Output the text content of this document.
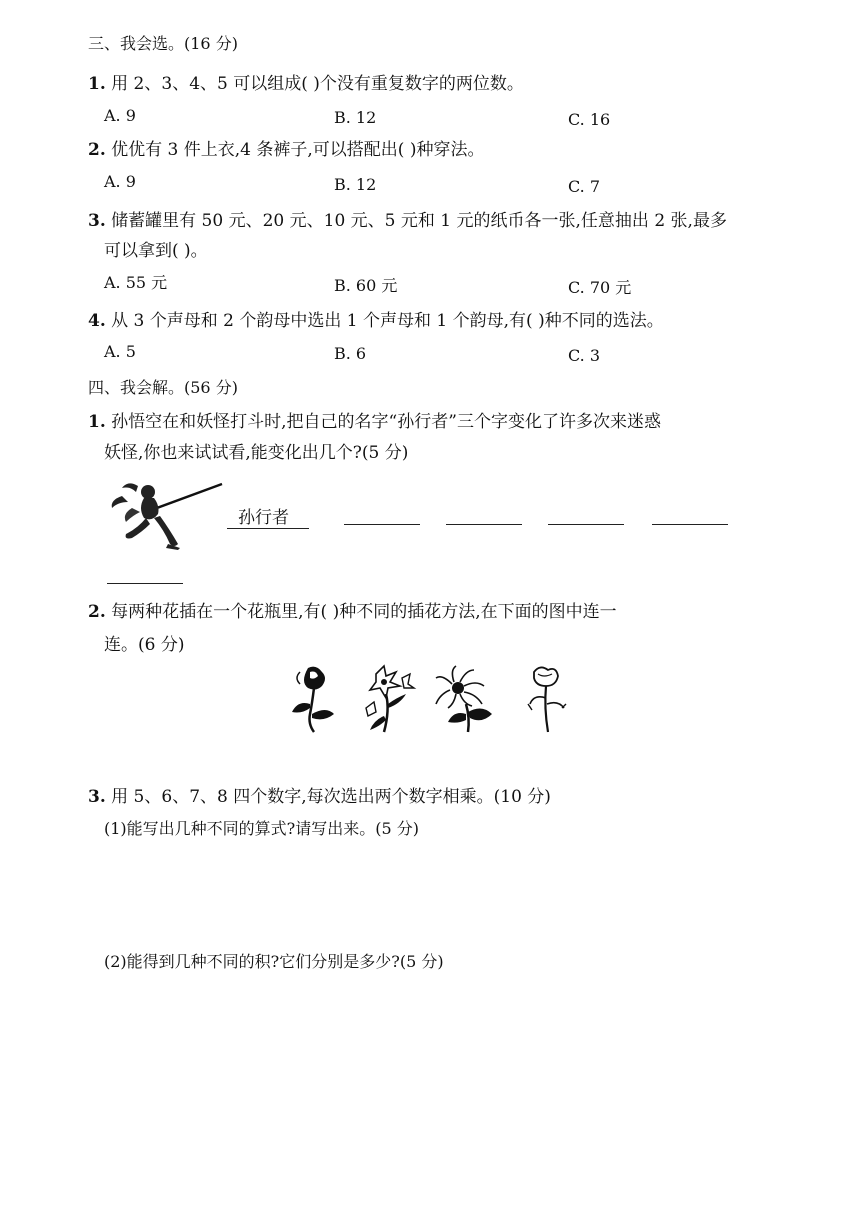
三、我会选。(16 分)
1. 用 2、3、4、5 可以组成( )个没有重复数字的两位数。
A. 9	B. 12	C. 16
2. 优优有 3 件上衣,4 条裤子,可以搭配出( )种穿法。
A. 9	B. 12	C. 7
3. 储蓄罐里有 50 元、20 元、10 元、5 元和 1 元的纸币各一张,任意抽出 2 张,最多
可以拿到( )。
A. 55 元	B. 60 元	C. 70 元
4. 从 3 个声母和 2 个韵母中选出 1 个声母和 1 个韵母,有( )种不同的选法。
A. 5	B. 6	C. 3
四、我会解。(56 分)
1. 孙悟空在和妖怪打斗时,把自己的名字“孙行者”三个字变化了许多次来迷惑
妖怪,你也来试试看,能变化出几个?(5 分)
孙行者
2. 每两种花插在一个花瓶里,有( )种不同的插花方法,在下面的图中连一
连。(6 分)
3. 用 5、6、7、8 四个数字,每次选出两个数字相乘。(10 分)
(1)能写出几种不同的算式?请写出来。(5 分)
(2)能得到几种不同的积?它们分别是多少?(5 分)
